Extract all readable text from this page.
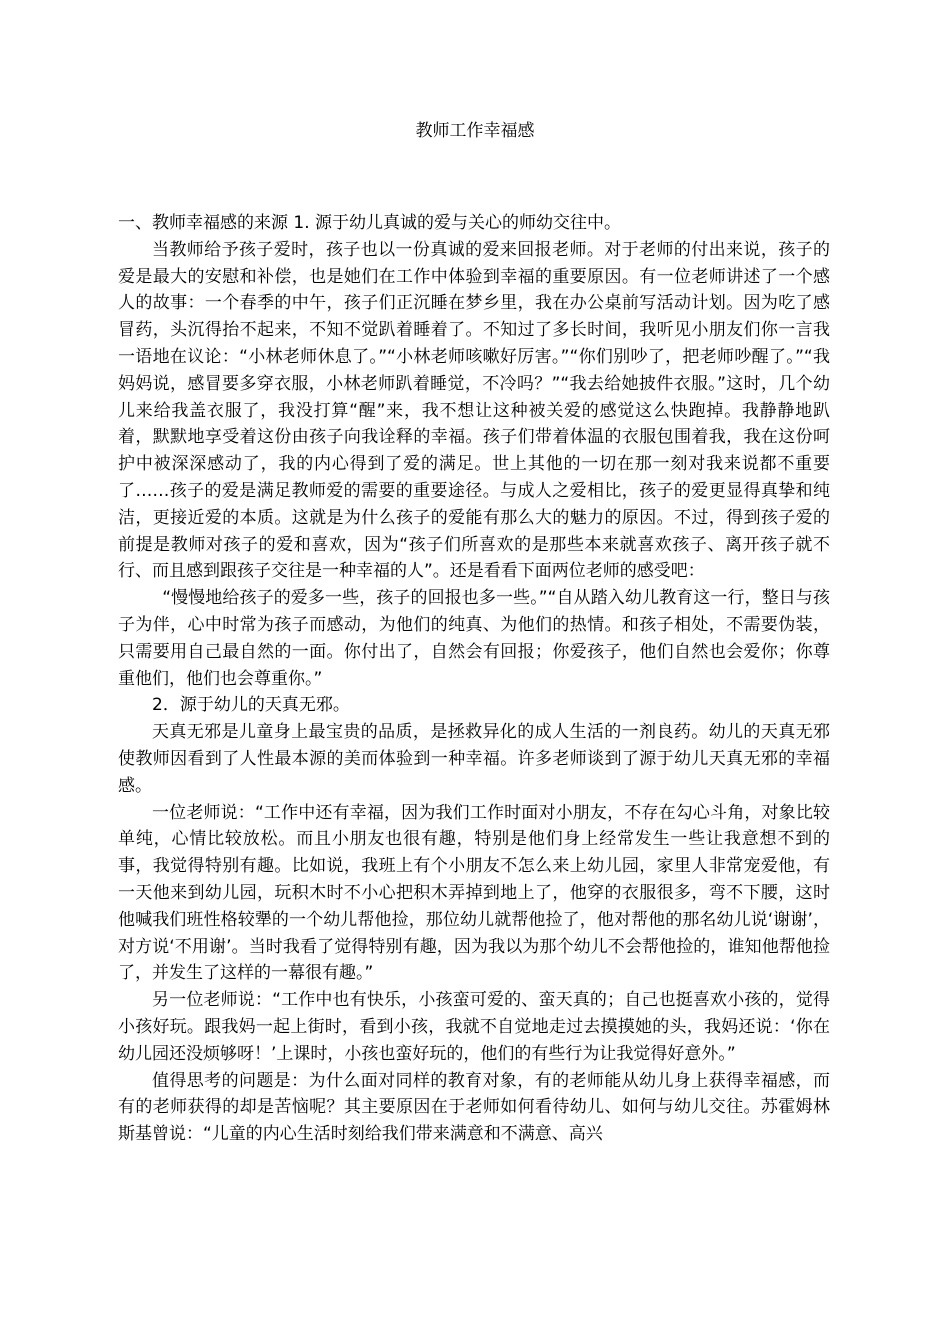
教师工作幸福感

一、教师幸福感的来源 1. 源于幼儿真诚的爱与关心的师幼交往中。

当教师给予孩子爱时，孩子也以一份真诚的爱来回报老师。对于老师的付出来说，孩子的爱是最大的安慰和补偿，也是她们在工作中体验到幸福的重要原因。有一位老师讲述了一个感人的故事：一个春季的中午，孩子们正沉睡在梦乡里，我在办公桌前写活动计划。因为吃了感冒药，头沉得抬不起来，不知不觉趴着睡着了。不知过了多长时间，我听见小朋友们你一言我一语地在议论：“小林老师休息了。”“小林老师咳嗽好厉害。”“你们别吵了，把老师吵醒了。”“我妈妈说，感冒要多穿衣服，小林老师趴着睡觉，不冷吗？”“我去给她披件衣服。”这时，几个幼儿来给我盖衣服了，我没打算“醒”来，我不想让这种被关爱的感觉这么快跑掉。我静静地趴着，默默地享受着这份由孩子向我诠释的幸福。孩子们带着体温的衣服包围着我，我在这份呵护中被深深感动了，我的内心得到了爱的满足。世上其他的一切在那一刻对我来说都不重要了……孩子的爱是满足教师爱的需要的重要途径。与成人之爱相比，孩子的爱更显得真挚和纯洁，更接近爱的本质。这就是为什么孩子的爱能有那么大的魅力的原因。不过，得到孩子爱的前提是教师对孩子的爱和喜欢，因为“孩子们所喜欢的是那些本来就喜欢孩子、离开孩子就不行、而且感到跟孩子交往是一种幸福的人”。还是看看下面两位老师的感受吧：

“慢慢地给孩子的爱多一些，孩子的回报也多一些。”“自从踏入幼儿教育这一行，整日与孩子为伴，心中时常为孩子而感动，为他们的纯真、为他们的热情。和孩子相处，不需要伪装，只需要用自己最自然的一面。你付出了，自然会有回报；你爱孩子，他们自然也会爱你；你尊重他们，他们也会尊重你。”

2．源于幼儿的天真无邪。

天真无邪是儿童身上最宝贵的品质，是拯救异化的成人生活的一剂良药。幼儿的天真无邪使教师因看到了人性最本源的美而体验到一种幸福。许多老师谈到了源于幼儿天真无邪的幸福感。

一位老师说：“工作中还有幸福，因为我们工作时面对小朋友，不存在勾心斗角，对象比较单纯，心情比较放松。而且小朋友也很有趣，特别是他们身上经常发生一些让我意想不到的事，我觉得特别有趣。比如说，我班上有个小朋友不怎么来上幼儿园，家里人非常宠爱他，有一天他来到幼儿园，玩积木时不小心把积木弄掉到地上了，他穿的衣服很多，弯不下腰，这时他喊我们班性格较犟的一个幼儿帮他捡，那位幼儿就帮他捡了，他对帮他的那名幼儿说‘谢谢’，对方说‘不用谢’。当时我看了觉得特别有趣，因为我以为那个幼儿不会帮他捡的，谁知他帮他捡了，并发生了这样的一幕很有趣。”

另一位老师说：“工作中也有快乐，小孩蛮可爱的、蛮天真的；自己也挺喜欢小孩的，觉得小孩好玩。跟我妈一起上街时，看到小孩，我就不自觉地走过去摸摸她的头，我妈还说：‘你在幼儿园还没烦够呀！’上课时，小孩也蛮好玩的，他们的有些行为让我觉得好意外。”

值得思考的问题是：为什么面对同样的教育对象，有的老师能从幼儿身上获得幸福感，而有的老师获得的却是苦恼呢？其主要原因在于老师如何看待幼儿、如何与幼儿交往。苏霍姆林斯基曾说：“儿童的内心生活时刻给我们带来满意和不满意、高兴
